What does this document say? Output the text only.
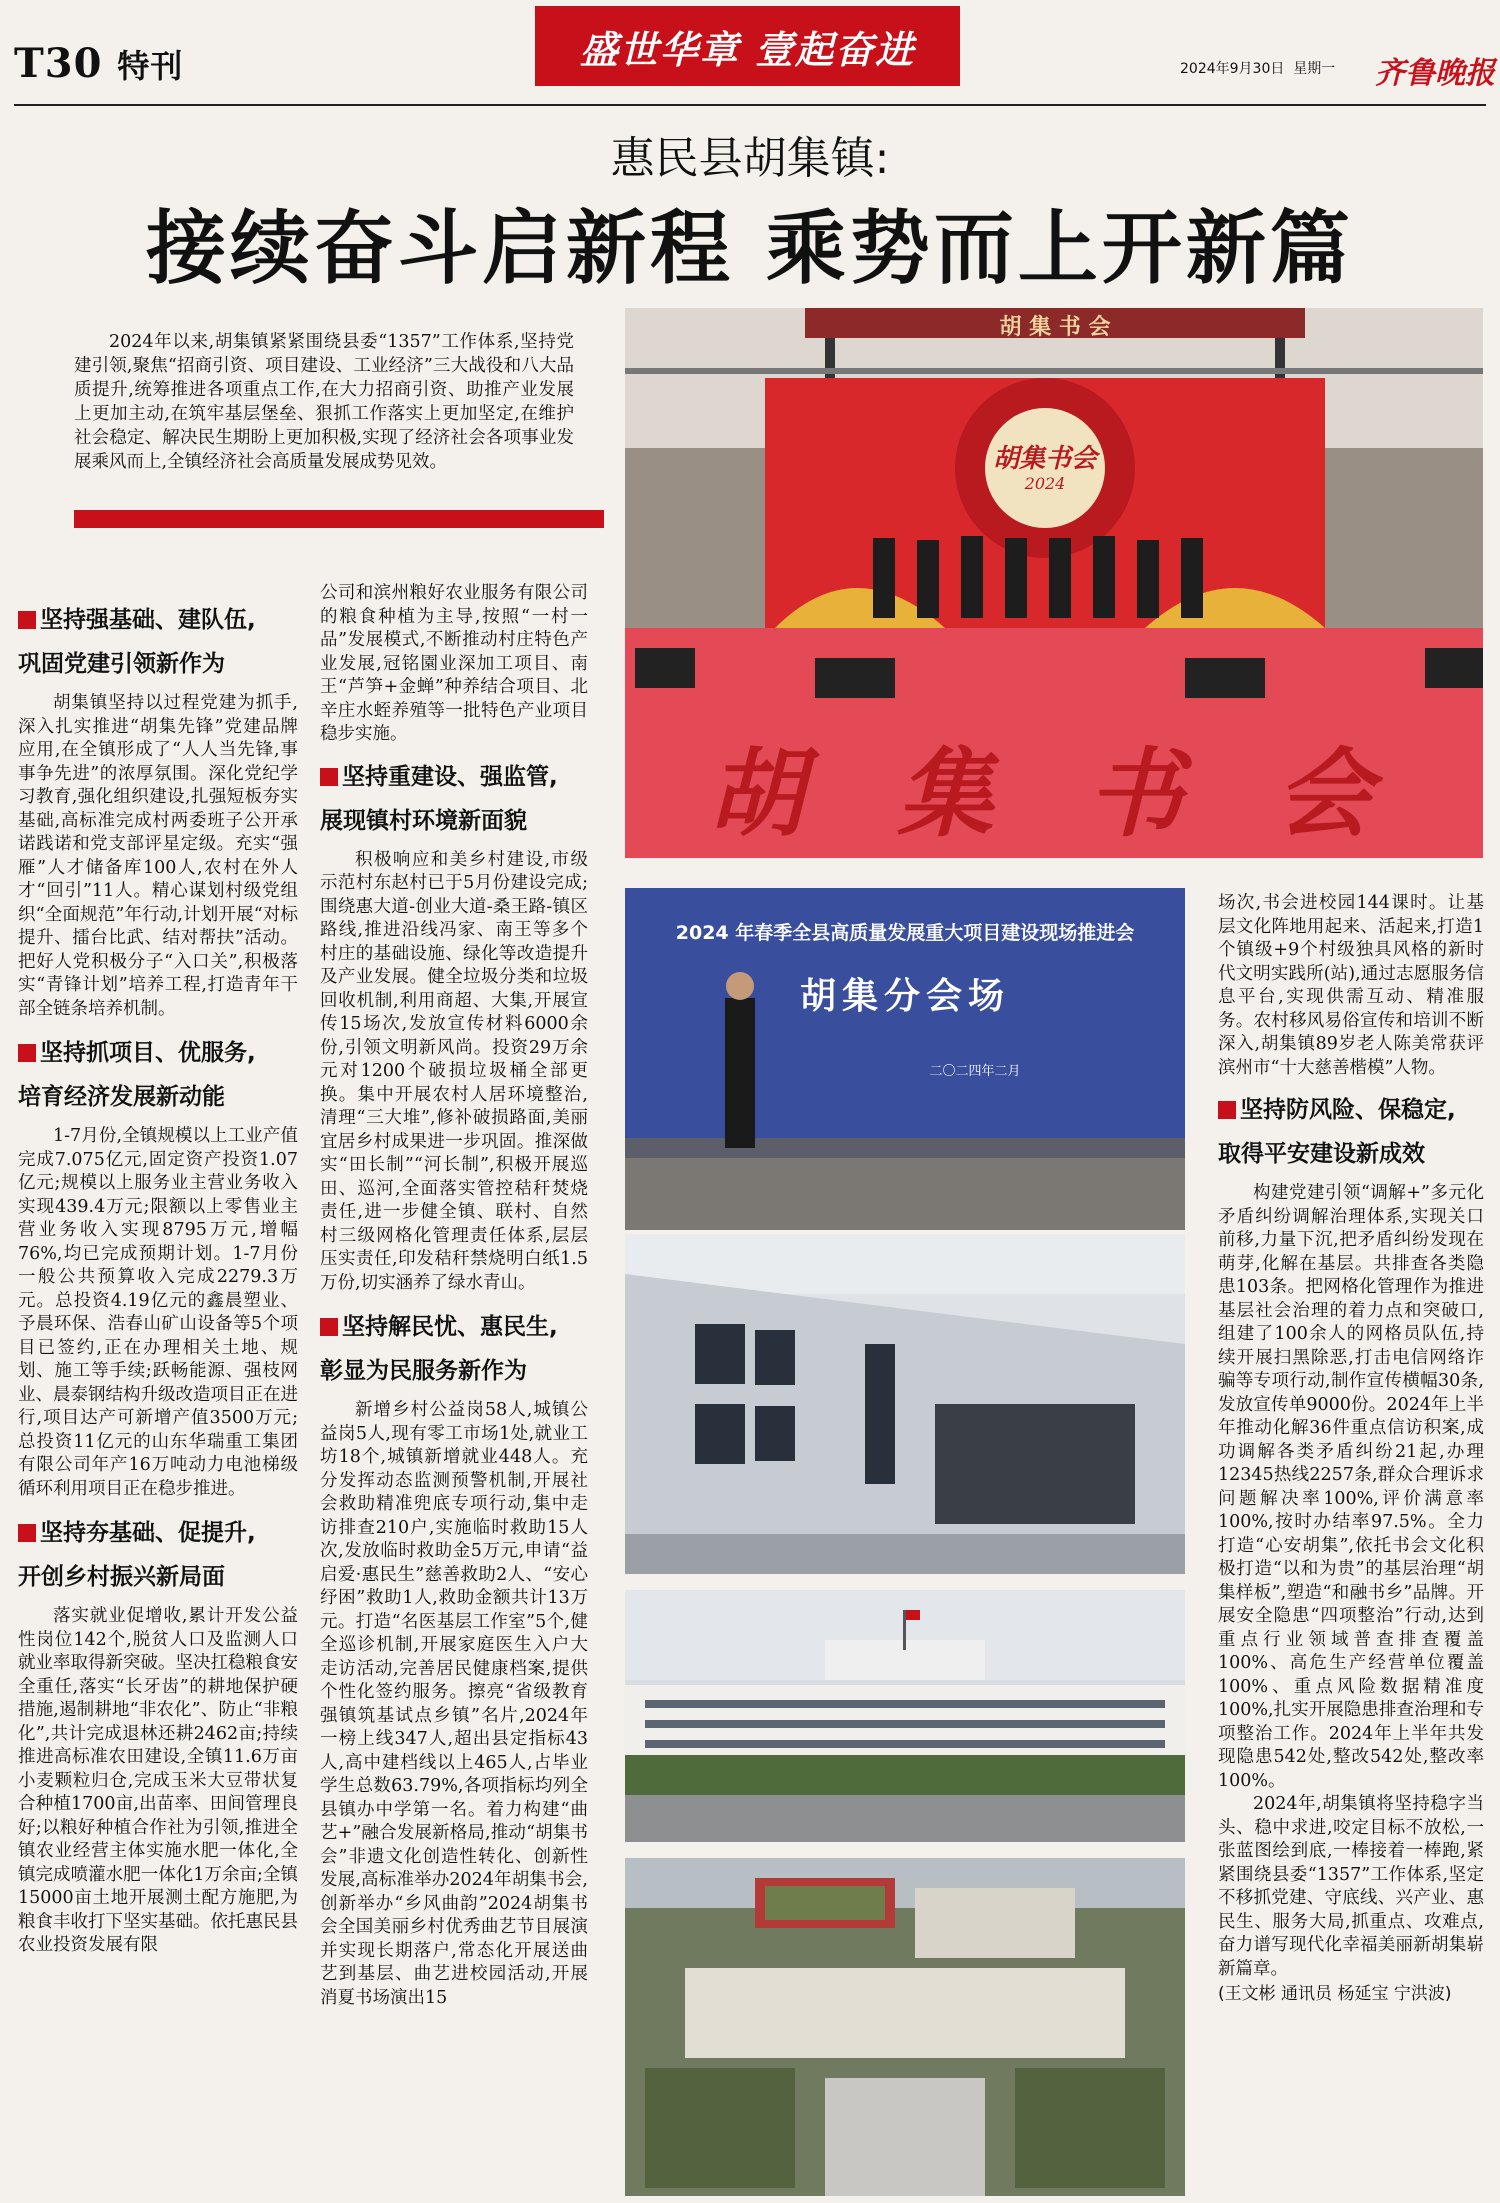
T30 特刊	盛世华章 壹起奋进	2024年9月30日 星期一 齐鲁晚报
惠民县胡集镇:
接续奋斗启新程 乘势而上开新篇
2024年以来,胡集镇紧紧围绕县委“1357”工作体系,坚持党建引领,聚焦“招商引资、项目建设、工业经济”三大战役和八大品质提升,统筹推进各项重点工作,在大力招商引资、助推产业发展上更加主动,在筑牢基层堡垒、狠抓工作落实上更加坚定,在维护社会稳定、解决民生期盼上更加积极,实现了经济社会各项事业发展乘风而上,全镇经济社会高质量发展成势见效。
坚持强基础、建队伍,
巩固党建引领新作为

胡集镇坚持以过程党建为抓手,深入扎实推进“胡集先锋”党建品牌应用,在全镇形成了“人人当先锋,事事争先进”的浓厚氛围。深化党纪学习教育,强化组织建设,扎强短板夯实基础,高标准完成村两委班子公开承诺践诺和党支部评星定级。充实“强雁”人才储备库100人,农村在外人才“回引”11人。精心谋划村级党组织“全面规范”年行动,计划开展“对标提升、擂台比武、结对帮扶”活动。把好人党积极分子“入口关”,积极落实“青锋计划”培养工程,打造青年干部全链条培养机制。

坚持抓项目、优服务,
培育经济发展新动能

1-7月份,全镇规模以上工业产值完成7.075亿元,固定资产投资1.07亿元;规模以上服务业主营业务收入实现439.4万元;限额以上零售业主营业务收入实现8795万元,增幅76%,均已完成预期计划。1-7月份一般公共预算收入完成2279.3万元。总投资4.19亿元的鑫晨塑业、予晨环保、浩春山矿山设备等5个项目已签约,正在办理相关土地、规划、施工等手续;跃畅能源、强枝网业、晨泰钢结构升级改造项目正在进行,项目达产可新增产值3500万元;总投资11亿元的山东华瑞重工集团有限公司年产16万吨动力电池梯级循环利用项目正在稳步推进。

坚持夯基础、促提升,
开创乡村振兴新局面

落实就业促增收,累计开发公益性岗位142个,脱贫人口及监测人口就业率取得新突破。坚决扛稳粮食安全重任,落实“长牙齿”的耕地保护硬措施,遏制耕地“非农化”、防止“非粮化”,共计完成退林还耕2462亩;持续推进高标准农田建设,全镇11.6万亩小麦颗粒归仓,完成玉米大豆带状复合种植1700亩,出苗率、田间管理良好;以粮好种植合作社为引领,推进全镇农业经营主体实施水肥一体化,全镇完成喷灌水肥一体化1万余亩;全镇15000亩土地开展测土配方施肥,为粮食丰收打下坚实基础。依托惠民县农业投资发展有限

公司和滨州粮好农业服务有限公司的粮食种植为主导,按照“一村一品”发展模式,不断推动村庄特色产业发展,冠铭園业深加工项目、南王“芦笋+金蝉”种养结合项目、北辛庄水蛭养殖等一批特色产业项目稳步实施。

坚持重建设、强监管,
展现镇村环境新面貌

积极响应和美乡村建设,市级示范村东赵村已于5月份建设完成;围绕惠大道-创业大道-桑王路-镇区路线,推进沿线冯家、南王等多个村庄的基础设施、绿化等改造提升及产业发展。健全垃圾分类和垃圾回收机制,利用商超、大集,开展宣传15场次,发放宣传材料6000余份,引领文明新风尚。投资29万余元对1200个破损垃圾桶全部更换。集中开展农村人居环境整治,清理“三大堆”,修补破损路面,美丽宜居乡村成果进一步巩固。推深做实“田长制”“河长制”,积极开展巡田、巡河,全面落实管控秸秆焚烧责任,进一步健全镇、联村、自然村三级网格化管理责任体系,层层压实责任,印发秸秆禁烧明白纸1.5万份,切实涵养了绿水青山。

坚持解民忧、惠民生,
彰显为民服务新作为

新增乡村公益岗58人,城镇公益岗5人,现有零工市场1处,就业工坊18个,城镇新增就业448人。充分发挥动态监测预警机制,开展社会救助精准兜底专项行动,集中走访排查210户,实施临时救助15人次,发放临时救助金5万元,申请“益启爱·惠民生”慈善救助2人、“安心纾困”救助1人,救助金额共计13万元。打造“名医基层工作室”5个,健全巡诊机制,开展家庭医生入户大走访活动,完善居民健康档案,提供个性化签约服务。擦亮“省级教育强镇筑基试点乡镇”名片,2024年一榜上线347人,超出县定指标43人,高中建档线以上465人,占毕业学生总数63.79%,各项指标均列全县镇办中学第一名。着力构建“曲艺+”融合发展新格局,推动“胡集书会”非遗文化创造性转化、创新性发展,高标准举办2024年胡集书会,创新举办“乡风曲韵”2024胡集书会全国美丽乡村优秀曲艺节目展演并实现长期落户,常态化开展送曲艺到基层、曲艺进校园活动,开展消夏书场演出15

胡 集 书 会
胡集书会
2024
胡 集 书 会
2024 年春季全县高质量发展重大项目建设现场推进会
胡集分会场
二〇二四年二月

场次,书会进校园144课时。让基层文化阵地用起来、活起来,打造1个镇级+9个村级独具风格的新时代文明实践所(站),通过志愿服务信息平台,实现供需互动、精准服务。农村移风易俗宣传和培训不断深入,胡集镇89岁老人陈美常获评滨州市“十大慈善楷模”人物。

坚持防风险、保稳定,
取得平安建设新成效

构建党建引领“调解+”多元化矛盾纠纷调解治理体系,实现关口前移,力量下沉,把矛盾纠纷发现在萌芽,化解在基层。共排查各类隐患103条。把网格化管理作为推进基层社会治理的着力点和突破口,组建了100余人的网格员队伍,持续开展扫黑除恶,打击电信网络诈骗等专项行动,制作宣传横幅30条,发放宣传单9000份。2024年上半年推动化解36件重点信访积案,成功调解各类矛盾纠纷21起,办理12345热线2257条,群众合理诉求问题解决率100%,评价满意率100%,按时办结率97.5%。全力打造“心安胡集”,依托书会文化积极打造“以和为贵”的基层治理“胡集样板”,塑造“和融书乡”品牌。开展安全隐患“四项整治”行动,达到重点行业领域普查排查覆盖100%、高危生产经营单位覆盖100%、重点风险数据精准度100%,扎实开展隐患排查治理和专项整治工作。2024年上半年共发现隐患542处,整改542处,整改率100%。

2024年,胡集镇将坚持稳字当头、稳中求进,咬定目标不放松,一张蓝图绘到底,一棒接着一棒跑,紧紧围绕县委“1357”工作体系,坚定不移抓党建、守底线、兴产业、惠民生、服务大局,抓重点、攻难点,奋力谱写现代化幸福美丽新胡集崭新篇章。

(王文彬 通讯员 杨延宝 宁洪波)
